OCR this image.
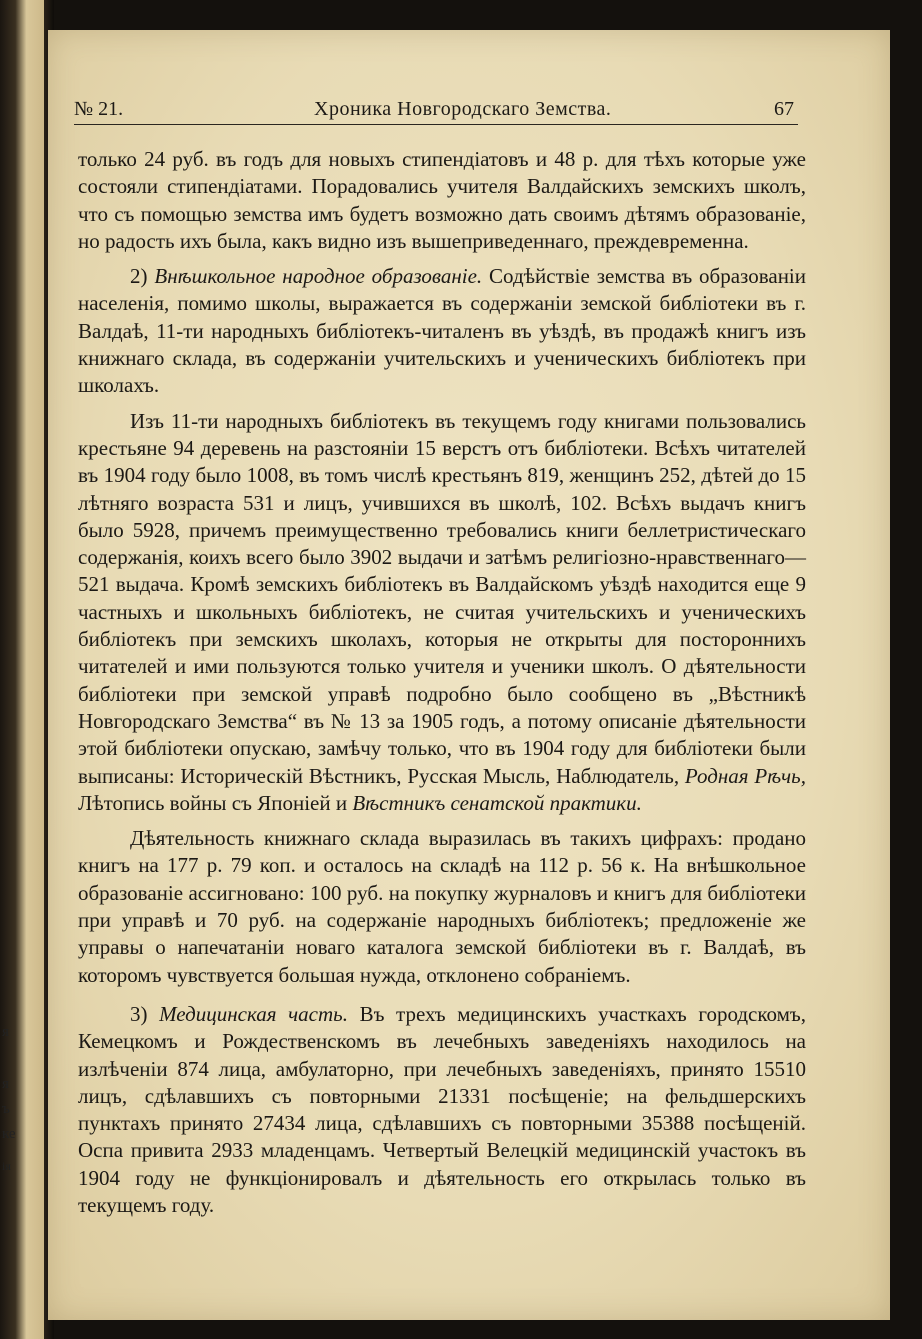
я
я
ъ
ке
ія
№ 21.	Хроника Новгородскаго Земства.	67

только 24 руб. въ годъ для новыхъ стипендіатовъ и 48 р. для тѣхъ которые уже состояли стипендіатами. Порадовались учителя Валдайскихъ земскихъ школъ, что съ помощью земства имъ будетъ возможно дать своимъ дѣтямъ образованіе, но радость ихъ была, какъ видно изъ вышеприведеннаго, преждевременна.

2) Внѣшкольное народное образованіе. Содѣйствіе земства въ образованіи населенія, помимо школы, выражается въ содержаніи земской библіотеки въ г. Валдаѣ, 11-ти народныхъ библіотекъ-читаленъ въ уѣздѣ, въ продажѣ книгъ изъ книжнаго склада, въ содержаніи учительскихъ и ученическихъ библіотекъ при школахъ.

Изъ 11-ти народныхъ библіотекъ въ текущемъ году книгами пользовались крестьяне 94 деревень на разстояніи 15 верстъ отъ библіотеки. Всѣхъ читателей въ 1904 году было 1008, въ томъ числѣ крестьянъ 819, женщинъ 252, дѣтей до 15 лѣтняго возраста 531 и лицъ, учившихся въ школѣ, 102. Всѣхъ выдачъ книгъ было 5928, причемъ преимущественно требовались книги беллетристическаго содержанія, коихъ всего было 3902 выдачи и затѣмъ религіозно-нравственнаго— 521 выдача. Кромѣ земскихъ библіотекъ въ Валдайскомъ уѣздѣ находится еще 9 частныхъ и школьныхъ библіотекъ, не считая учительскихъ и ученическихъ библіотекъ при земскихъ школахъ, которыя не открыты для постороннихъ читателей и ими пользуются только учителя и ученики школъ. О дѣятельности библіотеки при земской управѣ подробно было сообщено въ „Вѣстникѣ Новгородскаго Земства“ въ № 13 за 1905 годъ, а потому описаніе дѣятельности этой библіотеки опускаю, замѣчу только, что въ 1904 году для библіотеки были выписаны: Историческій Вѣстникъ, Русская Мысль, Наблюдатель, Родная Рѣчь, Лѣтопись войны съ Японіей и Вѣстникъ сенатской практики.

Дѣятельность книжнаго склада выразилась въ такихъ цифрахъ: продано книгъ на 177 р. 79 коп. и осталось на складѣ на 112 р. 56 к. На внѣшкольное образованіе ассигновано: 100 руб. на покупку журналовъ и книгъ для библіотеки при управѣ и 70 руб. на содержаніе народныхъ библіотекъ; предложеніе же управы о напечатаніи новаго каталога земской библіотеки въ г. Валдаѣ, въ которомъ чувствуется большая нужда, отклонено собраніемъ.

3) Медицинская часть. Въ трехъ медицинскихъ участкахъ городскомъ, Кемецкомъ и Рождественскомъ въ лечебныхъ заведеніяхъ находилось на излѣченіи 874 лица, амбулаторно, при лечебныхъ заведеніяхъ, принято 15510 лицъ, сдѣлавшихъ съ повторными 21331 посѣщеніе; на фельдшерскихъ пунктахъ принято 27434 лица, сдѣлавшихъ съ повторными 35388 посѣщеній. Оспа привита 2933 младенцамъ. Четвертый Велецкій медицинскій участокъ въ 1904 году не функціонировалъ и дѣятельность его открылась только въ текущемъ году.
